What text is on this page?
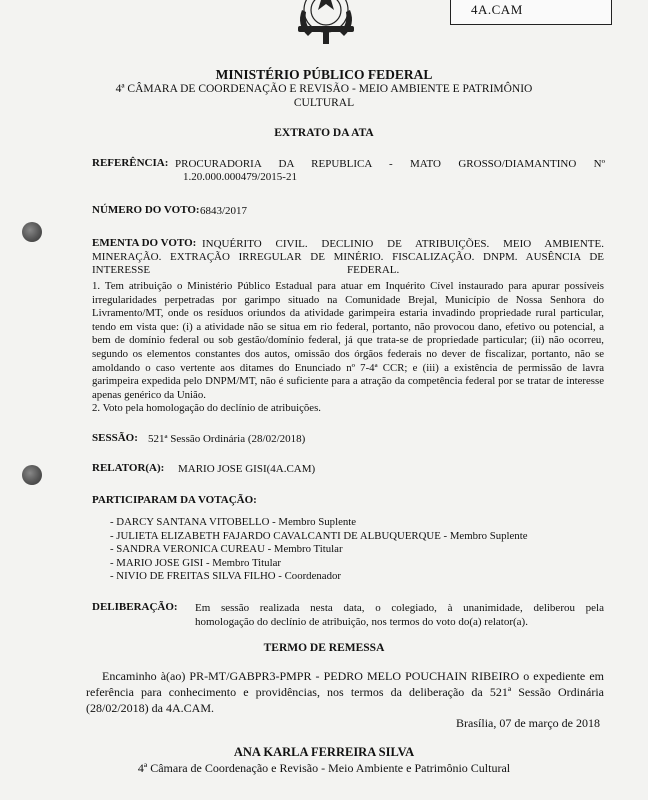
4A.CAM
MINISTÉRIO PÚBLICO FEDERAL
4ª CÂMARA DE COORDENAÇÃO E REVISÃO - MEIO AMBIENTE E PATRIMÔNIO
CULTURAL
EXTRATO DA ATA
REFERÊNCIA: PROCURADORIA DA REPUBLICA - MATO GROSSO/DIAMANTINO Nº
1.20.000.000479/2015-21
NÚMERO DO VOTO: 6843/2017
EMENTA DO VOTO: INQUÉRITO CIVIL. DECLINIO DE ATRIBUIÇÕES. MEIO AMBIENTE.
MINERAÇÃO. EXTRAÇÃO IRREGULAR DE MINÉRIO. FISCALIZAÇÃO. DNPM. AUSÊNCIA DE
INTERESSE	FEDERAL.
1. Tem atribuição o Ministério Público Estadual para atuar em Inquérito Cível instaurado para apurar possíveis irregularidades perpetradas por garimpo situado na Comunidade Brejal, Município de Nossa Senhora do Livramento/MT, onde os resíduos oriundos da atividade garimpeira estaria invadindo propriedade rural particular, tendo em vista que: (i) a atividade não se situa em rio federal, portanto, não provocou dano, efetivo ou potencial, a bem de domínio federal ou sob gestão/domínio federal, já que trata-se de propriedade particular; (ii) não ocorreu, segundo os elementos constantes dos autos, omissão dos órgãos federais no dever de fiscalizar, portanto, não se amoldando o caso vertente aos ditames do Enunciado nº 7-4ª CCR; e (iii) a existência de permissão de lavra garimpeira expedida pelo DNPM/MT, não é suficiente para a atração da competência federal por se tratar de interesse apenas genérico da União.
2. Voto pela homologação do declínio de atribuições.
SESSÃO: 521ª Sessão Ordinária (28/02/2018)
RELATOR(A): MARIO JOSE GISI(4A.CAM)
PARTICIPARAM DA VOTAÇÃO:
- DARCY SANTANA VITOBELLO - Membro Suplente
- JULIETA ELIZABETH FAJARDO CAVALCANTI DE ALBUQUERQUE - Membro Suplente
- SANDRA VERONICA CUREAU - Membro Titular
- MARIO JOSE GISI - Membro Titular
- NIVIO DE FREITAS SILVA FILHO - Coordenador
DELIBERAÇÃO: Em sessão realizada nesta data, o colegiado, à unanimidade, deliberou pela
homologação do declínio de atribuição, nos termos do voto do(a) relator(a).
TERMO DE REMESSA
Encaminho à(ao) PR-MT/GABPR3-PMPR - PEDRO MELO POUCHAIN RIBEIRO o expediente em referência para conhecimento e providências, nos termos da deliberação da 521ª Sessão Ordinária (28/02/2018) da 4A.CAM.
Brasília, 07 de março de 2018
ANA KARLA FERREIRA SILVA
4ª Câmara de Coordenação e Revisão - Meio Ambiente e Patrimônio Cultural
